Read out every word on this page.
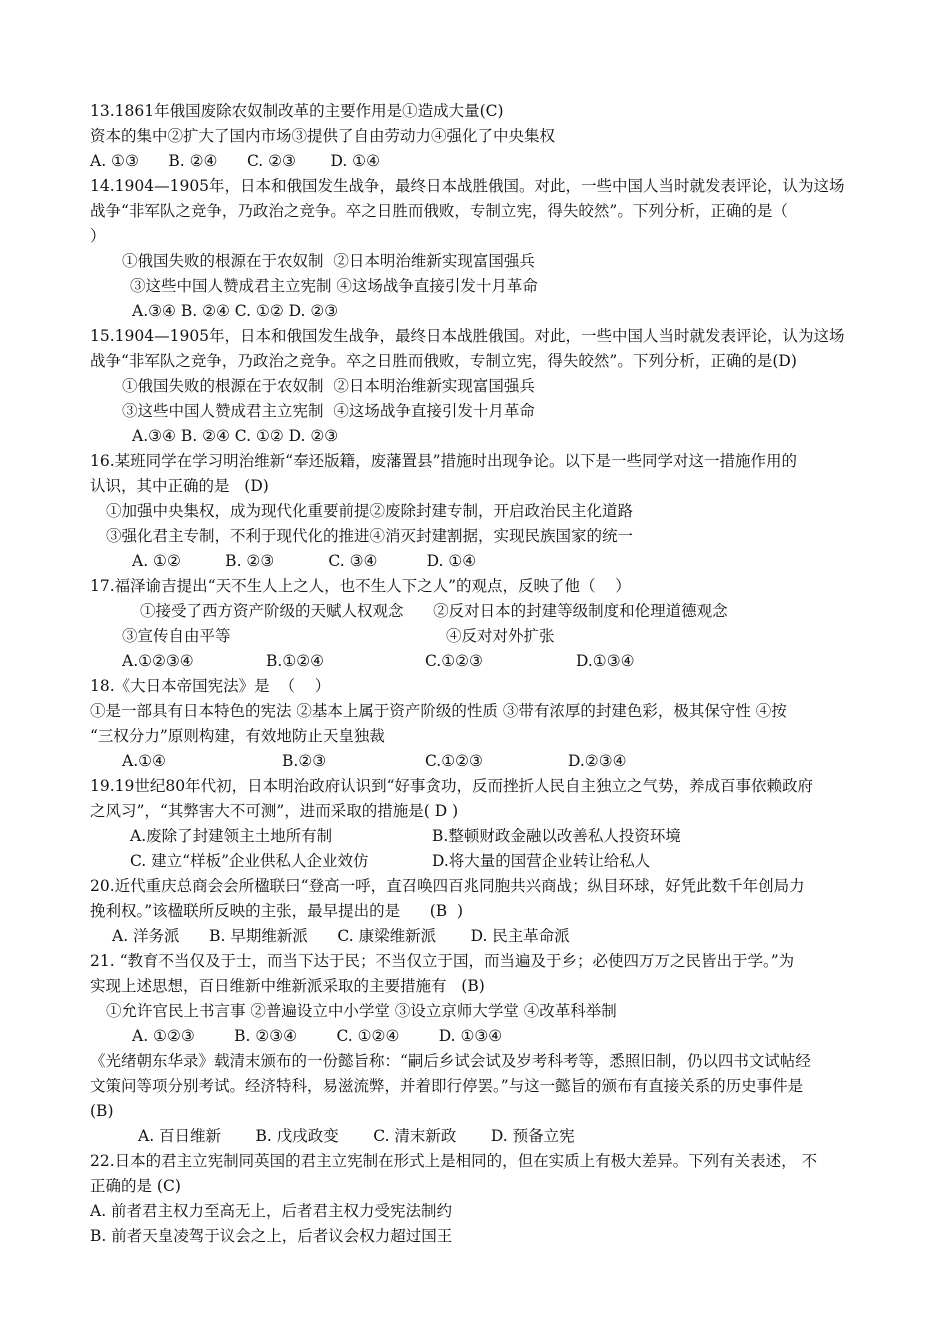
13.1861年俄国废除农奴制改革的主要作用是①造成大量(C)
资本的集中②扩大了国内市场③提供了自由劳动力④强化了中央集权
A. ①③      B. ②④      C. ②③       D. ①④
14.1904—1905年，日本和俄国发生战争，最终日本战胜俄国。对此，一些中国人当时就发表评论，认为这场
战争“非军队之竞争，乃政治之竞争。卒之日胜而俄败，专制立宪，得失皎然”。下列分析，正确的是（
）
①俄国失败的根源在于农奴制  ②日本明治维新实现富国强兵
③这些中国人赞成君主立宪制 ④这场战争直接引发十月革命
A.③④ B. ②④ C. ①② D. ②③
15.1904—1905年，日本和俄国发生战争，最终日本战胜俄国。对此，一些中国人当时就发表评论，认为这场
战争“非军队之竞争，乃政治之竞争。卒之日胜而俄败，专制立宪，得失皎然”。下列分析，正确的是(D)
①俄国失败的根源在于农奴制  ②日本明治维新实现富国强兵
③这些中国人赞成君主立宪制  ④这场战争直接引发十月革命
A.③④ B. ②④ C. ①② D. ②③
16.某班同学在学习明治维新“奉还版籍，废藩置县”措施时出现争论。以下是一些同学对这一措施作用的
认识，其中正确的是   (D)
①加强中央集权，成为现代化重要前提②废除封建专制，开启政治民主化道路
③强化君主专制，不利于现代化的推进④消灭封建割据，实现民族国家的统一
A. ①②         B. ②③           C. ③④          D. ①④
17.福泽谕吉提出“天不生人上之人，也不生人下之人”的观点，反映了他（    ）
①接受了西方资产阶级的天赋人权观念      ②反对日本的封建等级制度和伦理道德观念
③宣传自由平等	④反对对外扩张
A.①②③④	B.①②④	C.①②③	D.①③④
18.《大日本帝国宪法》是  （    ）
①是一部具有日本特色的宪法 ②基本上属于资产阶级的性质 ③带有浓厚的封建色彩，极其保守性 ④按
“三权分力”原则构建，有效地防止天皇独裁
A.①④	B.②③	C.①②③	D.②③④
19.19世纪80年代初，日本明治政府认识到“好事贪功，反而挫折人民自主独立之气势，养成百事依赖政府
之风习”，“其弊害大不可测”，进而采取的措施是( D )
A.废除了封建领主土地所有制	B.整顿财政金融以改善私人投资环境
C. 建立“样板”企业供私人企业效仿	D.将大量的国营企业转让给私人
20.近代重庆总商会会所楹联曰“登高一呼，直召唤四百兆同胞共兴商战；纵目环球，好凭此数千年创局力
挽利权。”该楹联所反映的主张，最早提出的是      (B  )
A. 洋务派      B. 早期维新派      C. 康梁维新派       D. 民主革命派
21. “教育不当仅及于士，而当下达于民；不当仅立于国，而当遍及于乡；必使四万万之民皆出于学。”为
实现上述思想，百日维新中维新派采取的主要措施有   (B)
①允许官民上书言事 ②普遍设立中小学堂 ③设立京师大学堂 ④改革科举制
A. ①②③        B. ②③④        C. ①②④        D. ①③④
《光绪朝东华录》载清末颁布的一份懿旨称：“嗣后乡试会试及岁考科考等，悉照旧制，仍以四书文试帖经
文策问等项分别考试。经济特科，易滋流弊，并着即行停罢。”与这一懿旨的颁布有直接关系的历史事件是
(B)
A. 百日维新       B. 戊戌政变       C. 清末新政       D. 预备立宪
22.日本的君主立宪制同英国的君主立宪制在形式上是相同的，但在实质上有极大差异。下列有关表述， 不
正确的是 (C)
A. 前者君主权力至高无上，后者君主权力受宪法制约
B. 前者天皇凌驾于议会之上，后者议会权力超过国王
